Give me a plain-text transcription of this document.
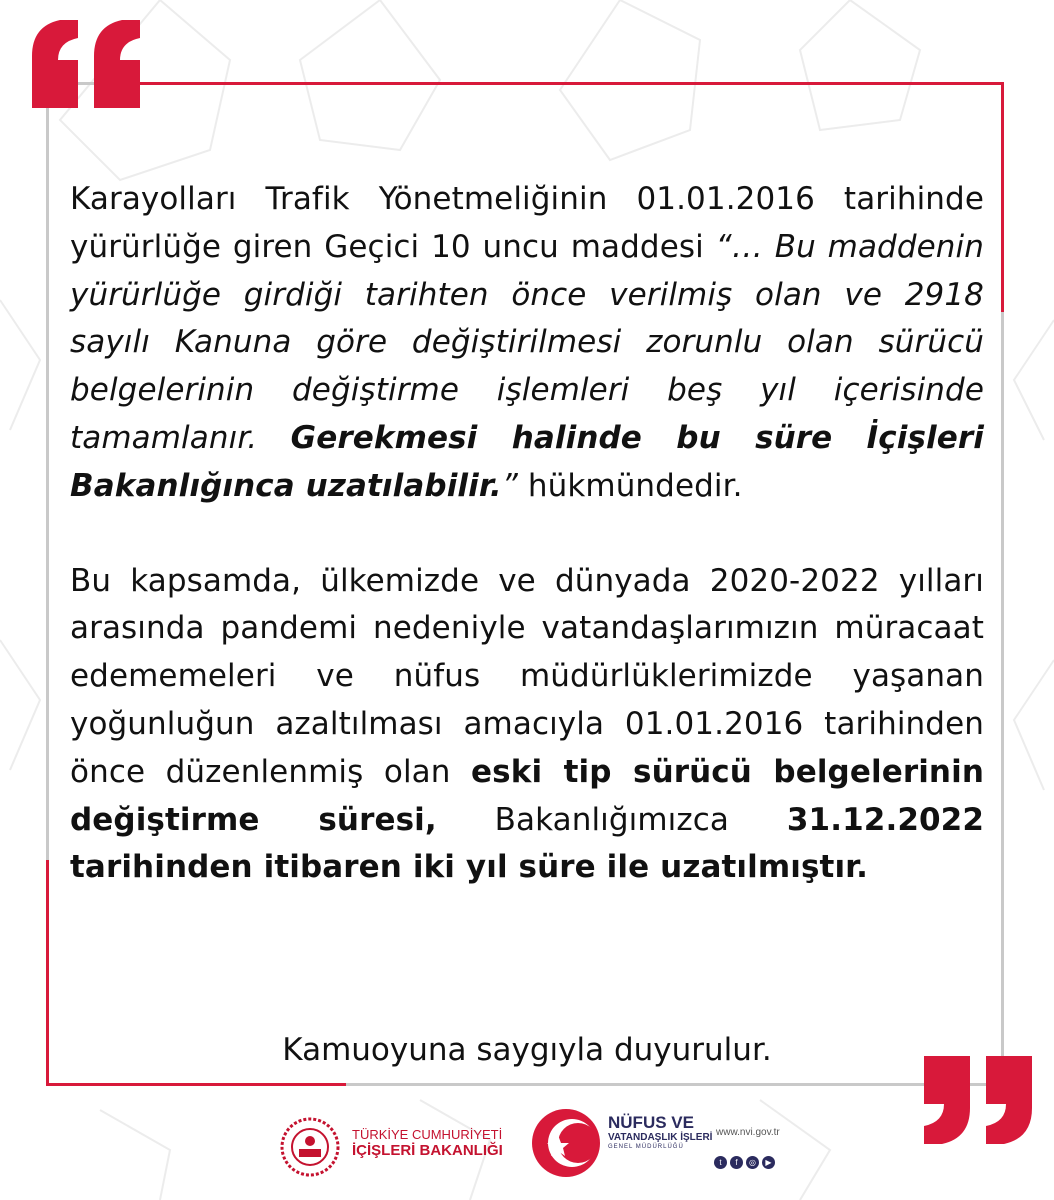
Karayolları Trafik Yönetmeliğinin 01.01.2016 tarihinde yürürlüğe giren Geçici 10 uncu maddesi “… Bu maddenin yürürlüğe girdiği tarihten önce verilmiş olan ve 2918 sayılı Kanuna göre değiştirilmesi zorunlu olan sürücü belgelerinin değiştirme işlemleri beş yıl içerisinde tamamlanır. Gerekmesi halinde bu süre İçişleri Bakanlığınca uzatılabilir.” hükmündedir.

Bu kapsamda, ülkemizde ve dünyada 2020-2022 yılları arasında pandemi nedeniyle vatandaşlarımızın müracaat edememeleri ve nüfus müdürlüklerimizde yaşanan yoğunluğun azaltılması amacıyla 01.01.2016 tarihinden önce düzenlenmiş olan eski tip sürücü belgelerinin değiştirme süresi, Bakanlığımızca 31.12.2022 tarihinden itibaren iki yıl süre ile uzatılmıştır.

Kamuoyuna saygıyla duyurulur.
TÜRKİYE CUMHURİYETİ
İÇİŞLERİ BAKANLIĞI
NÜFUS VE
VATANDAŞLIK İŞLERİ
GENEL MÜDÜRLÜĞÜ
www.nvi.gov.tr
t	f	◎	▶
